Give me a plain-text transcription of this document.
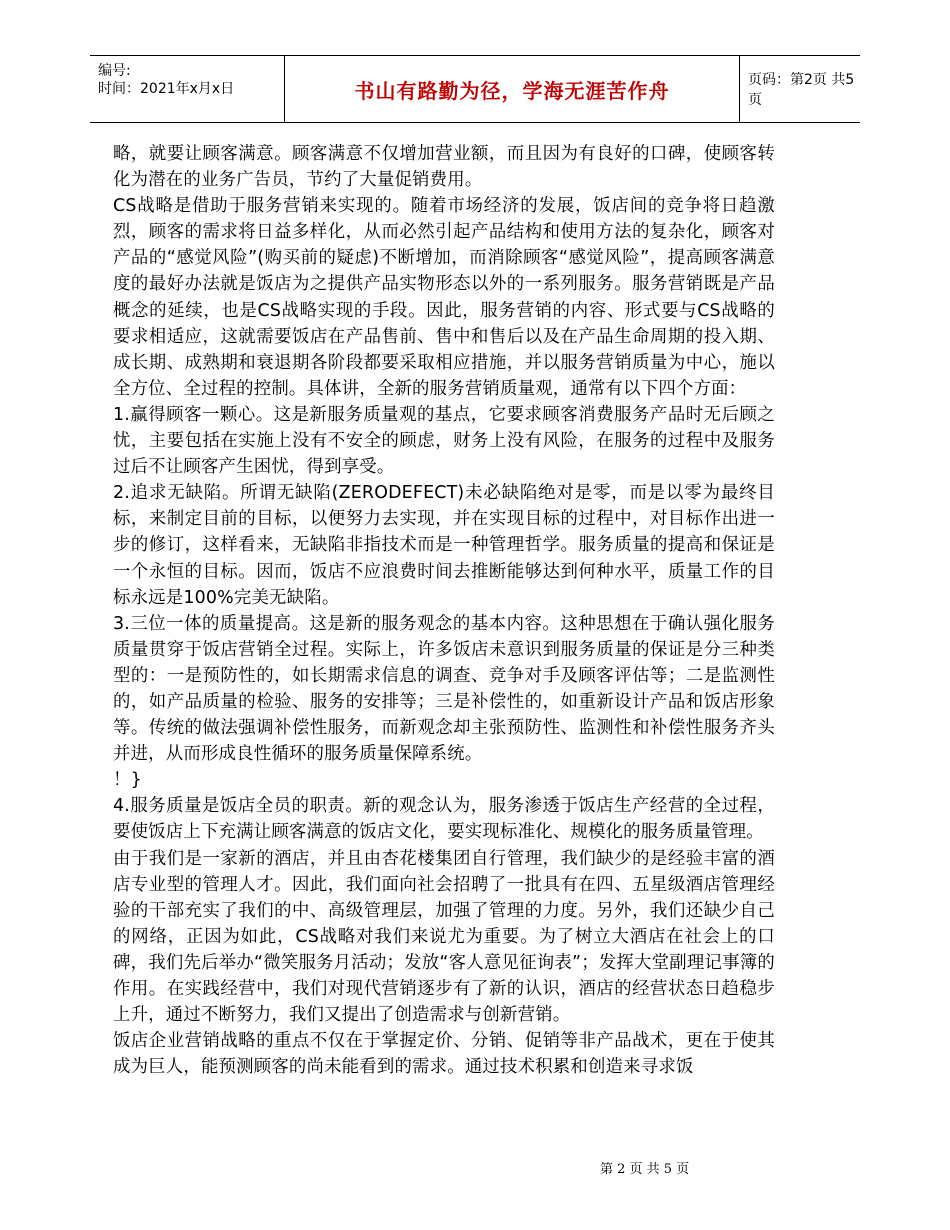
编号:
时间：2021年x月x日	书山有路勤为径，学海无涯苦作舟	页码：第2页 共5页

略，就要让顾客满意。顾客满意不仅增加营业额，而且因为有良好的口碑，使顾客转化为潜在的业务广告员，节约了大量促销费用。

CS战略是借助于服务营销来实现的。随着市场经济的发展，饭店间的竞争将日趋激烈，顾客的需求将日益多样化，从而必然引起产品结构和使用方法的复杂化，顾客对产品的“感觉风险”(购买前的疑虑)不断增加，而消除顾客“感觉风险”，提高顾客满意度的最好办法就是饭店为之提供产品实物形态以外的一系列服务。服务营销既是产品概念的延续，也是CS战略实现的手段。因此，服务营销的内容、形式要与CS战略的要求相适应，这就需要饭店在产品售前、售中和售后以及在产品生命周期的投入期、成长期、成熟期和衰退期各阶段都要采取相应措施，并以服务营销质量为中心，施以全方位、全过程的控制。具体讲，全新的服务营销质量观，通常有以下四个方面：

1.赢得顾客一颗心。这是新服务质量观的基点，它要求顾客消费服务产品时无后顾之忧，主要包括在实施上没有不安全的顾虑，财务上没有风险，在服务的过程中及服务过后不让顾客产生困忧，得到享受。

2.追求无缺陷。所谓无缺陷(ZERODEFECT)未必缺陷绝对是零，而是以零为最终目标，来制定目前的目标，以便努力去实现，并在实现目标的过程中，对目标作出进一步的修订，这样看来，无缺陷非指技术而是一种管理哲学。服务质量的提高和保证是一个永恒的目标。因而，饭店不应浪费时间去推断能够达到何种水平，质量工作的目标永远是100%完美无缺陷。

3.三位一体的质量提高。这是新的服务观念的基本内容。这种思想在于确认强化服务质量贯穿于饭店营销全过程。实际上，许多饭店未意识到服务质量的保证是分三种类型的：一是预防性的，如长期需求信息的调查、竞争对手及顾客评估等；二是监测性的，如产品质量的检验、服务的安排等；三是补偿性的，如重新设计产品和饭店形象等。传统的做法强调补偿性服务，而新观念却主张预防性、监测性和补偿性服务齐头并进，从而形成良性循环的服务质量保障系统。

！}

4.服务质量是饭店全员的职责。新的观念认为，服务渗透于饭店生产经营的全过程，要使饭店上下充满让顾客满意的饭店文化，要实现标准化、规模化的服务质量管理。

由于我们是一家新的酒店，并且由杏花楼集团自行管理，我们缺少的是经验丰富的酒店专业型的管理人才。因此，我们面向社会招聘了一批具有在四、五星级酒店管理经验的干部充实了我们的中、高级管理层，加强了管理的力度。另外，我们还缺少自己的网络，正因为如此，CS战略对我们来说尤为重要。为了树立大酒店在社会上的口碑，我们先后举办“微笑服务月活动；发放“客人意见征询表”；发挥大堂副理记事簿的作用。在实践经营中，我们对现代营销逐步有了新的认识，酒店的经营状态日趋稳步上升，通过不断努力，我们又提出了创造需求与创新营销。

饭店企业营销战略的重点不仅在于掌握定价、分销、促销等非产品战术，更在于使其成为巨人，能预测顾客的尚未能看到的需求。通过技术积累和创造来寻求饭

第 2 页 共 5 页
